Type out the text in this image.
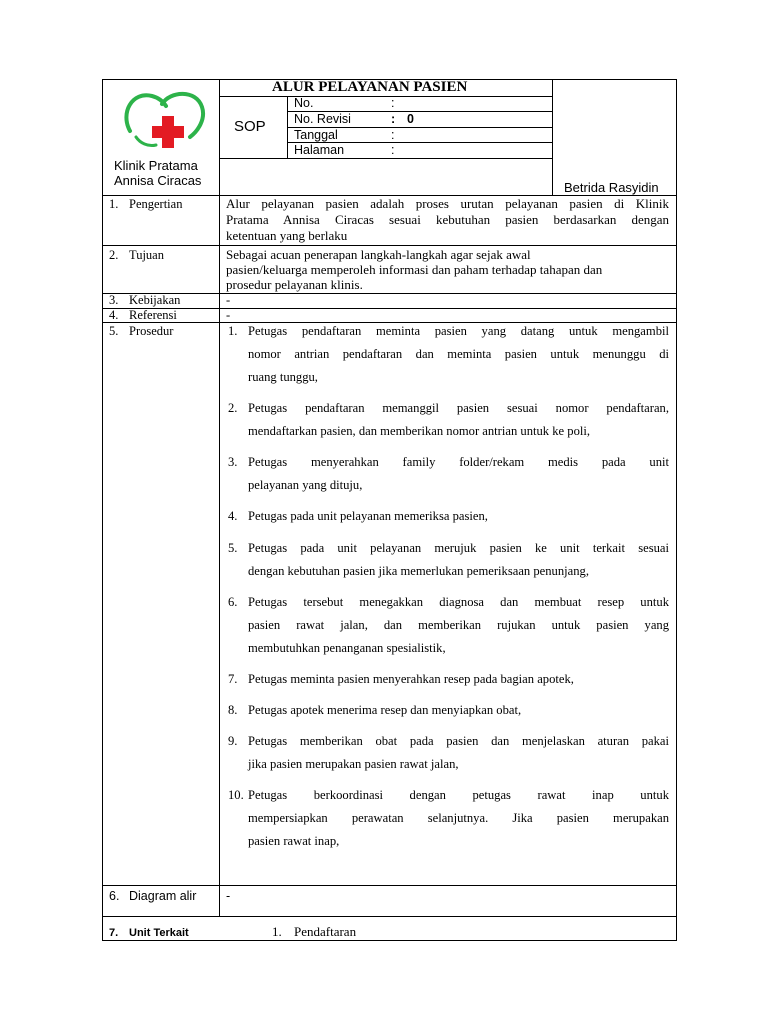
Klinik Pratama
Annisa Ciracas
ALUR PELAYANAN PASIEN
SOP
No.	:
No. Revisi	: 0
Tanggal	:
Halaman	:
Betrida Rasyidin
1. Pengertian	Alur pelayanan pasien adalah proses urutan pelayanan pasien di Klinik
Pratama Annisa Ciracas sesuai kebutuhan pasien berdasarkan dengan
ketentuan yang berlaku
2. Tujuan	Sebagai acuan penerapan langkah-langkah agar sejak awal
pasien/keluarga memperoleh informasi dan paham terhadap tahapan dan
prosedur pelayanan klinis.
3. Kebijakan	-
4. Referensi	-
5. Prosedur	1. Petugas pendaftaran meminta pasien yang datang untuk mengambil
nomor antrian pendaftaran dan meminta pasien untuk menunggu di
ruang tunggu,
2. Petugas pendaftaran memanggil pasien sesuai nomor pendaftaran,
mendaftarkan pasien, dan memberikan nomor antrian untuk ke poli,
3. Petugas menyerahkan family folder/rekam medis pada unit
pelayanan yang dituju,
4. Petugas pada unit pelayanan memeriksa pasien,
5. Petugas pada unit pelayanan merujuk pasien ke unit terkait sesuai
dengan kebutuhan pasien jika memerlukan pemeriksaan penunjang,
6. Petugas tersebut menegakkan diagnosa dan membuat resep untuk
pasien rawat jalan, dan memberikan rujukan untuk pasien yang
membutuhkan penanganan spesialistik,
7. Petugas meminta pasien menyerahkan resep pada bagian apotek,
8. Petugas apotek menerima resep dan menyiapkan obat,
9. Petugas memberikan obat pada pasien dan menjelaskan aturan pakai
jika pasien merupakan pasien rawat jalan,
10. Petugas berkoordinasi dengan petugas rawat inap untuk
mempersiapkan perawatan selanjutnya. Jika pasien merupakan
pasien rawat inap,
6. Diagram alir -
7. Unit Terkait	1. Pendaftaran
